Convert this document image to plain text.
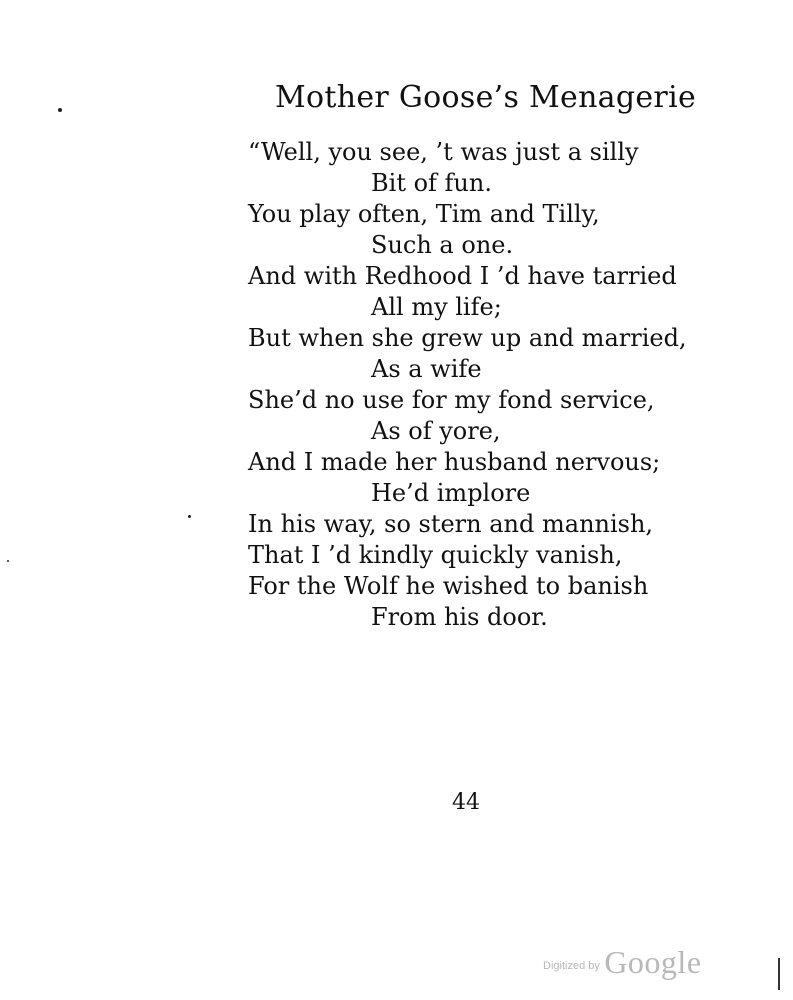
Mother Goose’s Menagerie
“Well, you see, ’t was just a silly
Bit of fun.
You play often, Tim and Tilly,
Such a one.
And with Redhood I ’d have tarried
All my life;
But when she grew up and married,
As a wife
She’d no use for my fond service,
As of yore,
And I made her husband nervous;
He’d implore
In his way, so stern and mannish,
That I ’d kindly quickly vanish,
For the Wolf he wished to banish
From his door.
44
$^{Digitized by}$ Google
